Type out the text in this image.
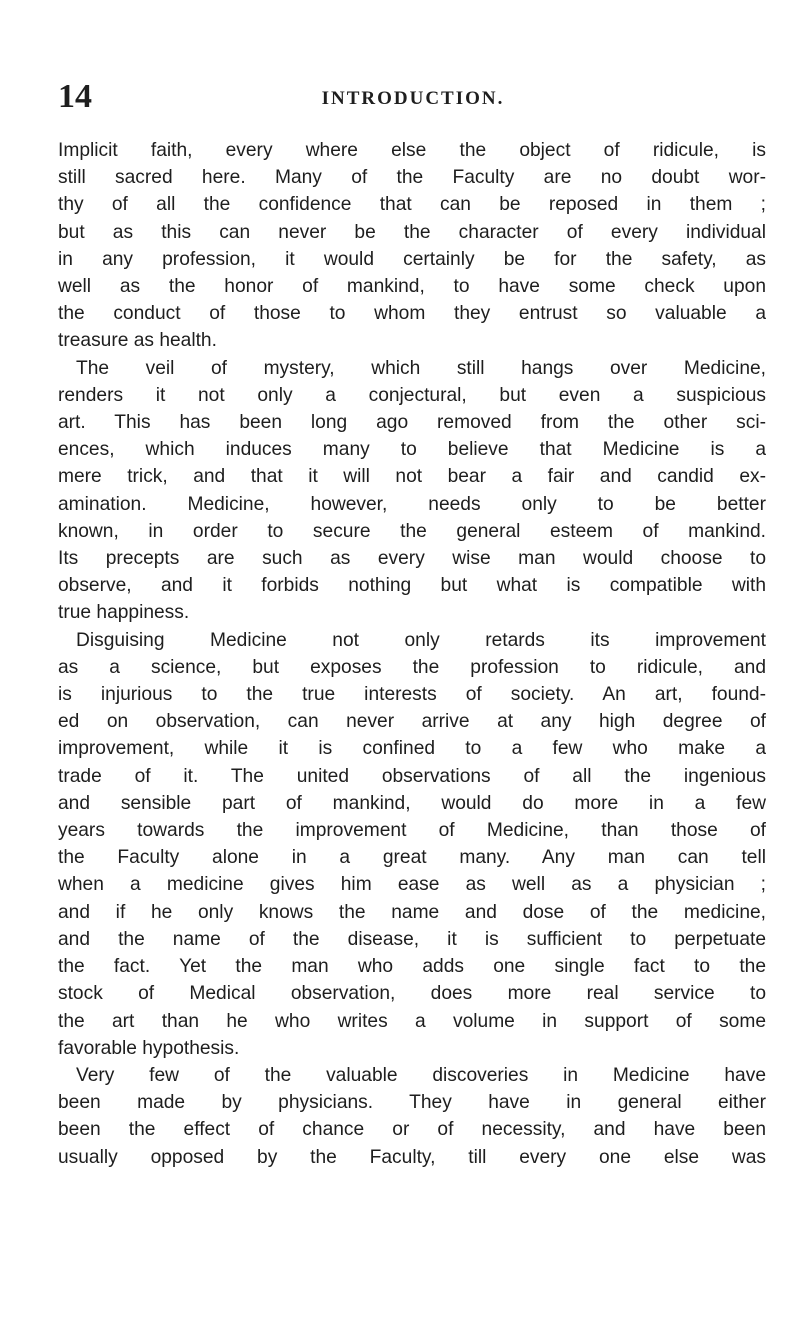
14	INTRODUCTION.
Implicit faith, every where else the object of ridicule, is
still sacred here. Many of the Faculty are no doubt wor-
thy of all the confidence that can be reposed in them ;
but as this can never be the character of every individual
in any profession, it would certainly be for the safety, as
well as the honor of mankind, to have some check upon
the conduct of those to whom they entrust so valuable a
treasure as health.
The veil of mystery, which still hangs over Medicine,
renders it not only a conjectural, but even a suspicious
art. This has been long ago removed from the other sci-
ences, which induces many to believe that Medicine is a
mere trick, and that it will not bear a fair and candid ex-
amination. Medicine, however, needs only to be better
known, in order to secure the general esteem of mankind.
Its precepts are such as every wise man would choose to
observe, and it forbids nothing but what is compatible with
true happiness.
Disguising Medicine not only retards its improvement
as a science, but exposes the profession to ridicule, and
is injurious to the true interests of society. An art, found-
ed on observation, can never arrive at any high degree of
improvement, while it is confined to a few who make a
trade of it. The united observations of all the ingenious
and sensible part of mankind, would do more in a few
years towards the improvement of Medicine, than those of
the Faculty alone in a great many. Any man can tell
when a medicine gives him ease as well as a physician ;
and if he only knows the name and dose of the medicine,
and the name of the disease, it is sufficient to perpetuate
the fact. Yet the man who adds one single fact to the
stock of Medical observation, does more real service to
the art than he who writes a volume in support of some
favorable hypothesis.
Very few of the valuable discoveries in Medicine have
been made by physicians. They have in general either
been the effect of chance or of necessity, and have been
usually opposed by the Faculty, till every one else was
